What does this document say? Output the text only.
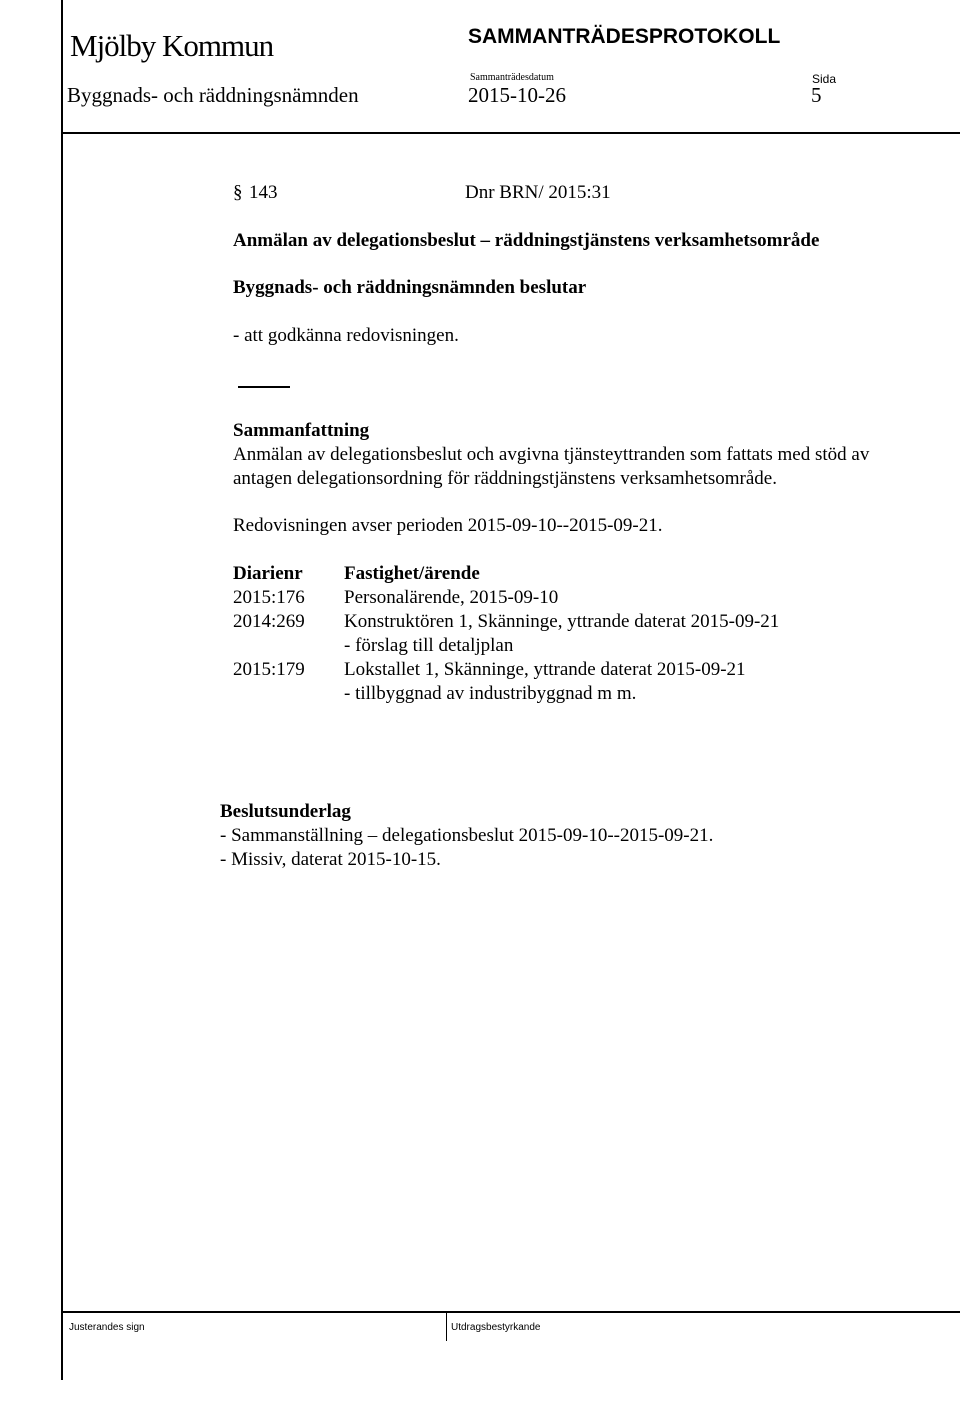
Mjölby Kommun	SAMMANTRÄDESPROTOKOLL
Sammanträdesdatum	Sida
Byggnads- och räddningsnämnden	2015-10-26	5
§ 143	Dnr BRN/ 2015:31
Anmälan av delegationsbeslut – räddningstjänstens verksamhetsområde
Byggnads- och räddningsnämnden beslutar
- att godkänna redovisningen.
Sammanfattning
Anmälan av delegationsbeslut och avgivna tjänsteyttranden som fattats med stöd av
antagen delegationsordning för räddningstjänstens verksamhetsområde.
Redovisningen avser perioden 2015-09-10--2015-09-21.
Diarienr Fastighet/ärende
2015:176 Personalärende, 2015-09-10
2014:269 Konstruktören 1, Skänninge, yttrande daterat 2015-09-21
- förslag till detaljplan
2015:179 Lokstallet 1, Skänninge, yttrande daterat 2015-09-21
- tillbyggnad av industribyggnad m m.
Beslutsunderlag
- Sammanställning – delegationsbeslut 2015-09-10--2015-09-21.
- Missiv, daterat 2015-10-15.
Justerandes sign	Utdragsbestyrkande
